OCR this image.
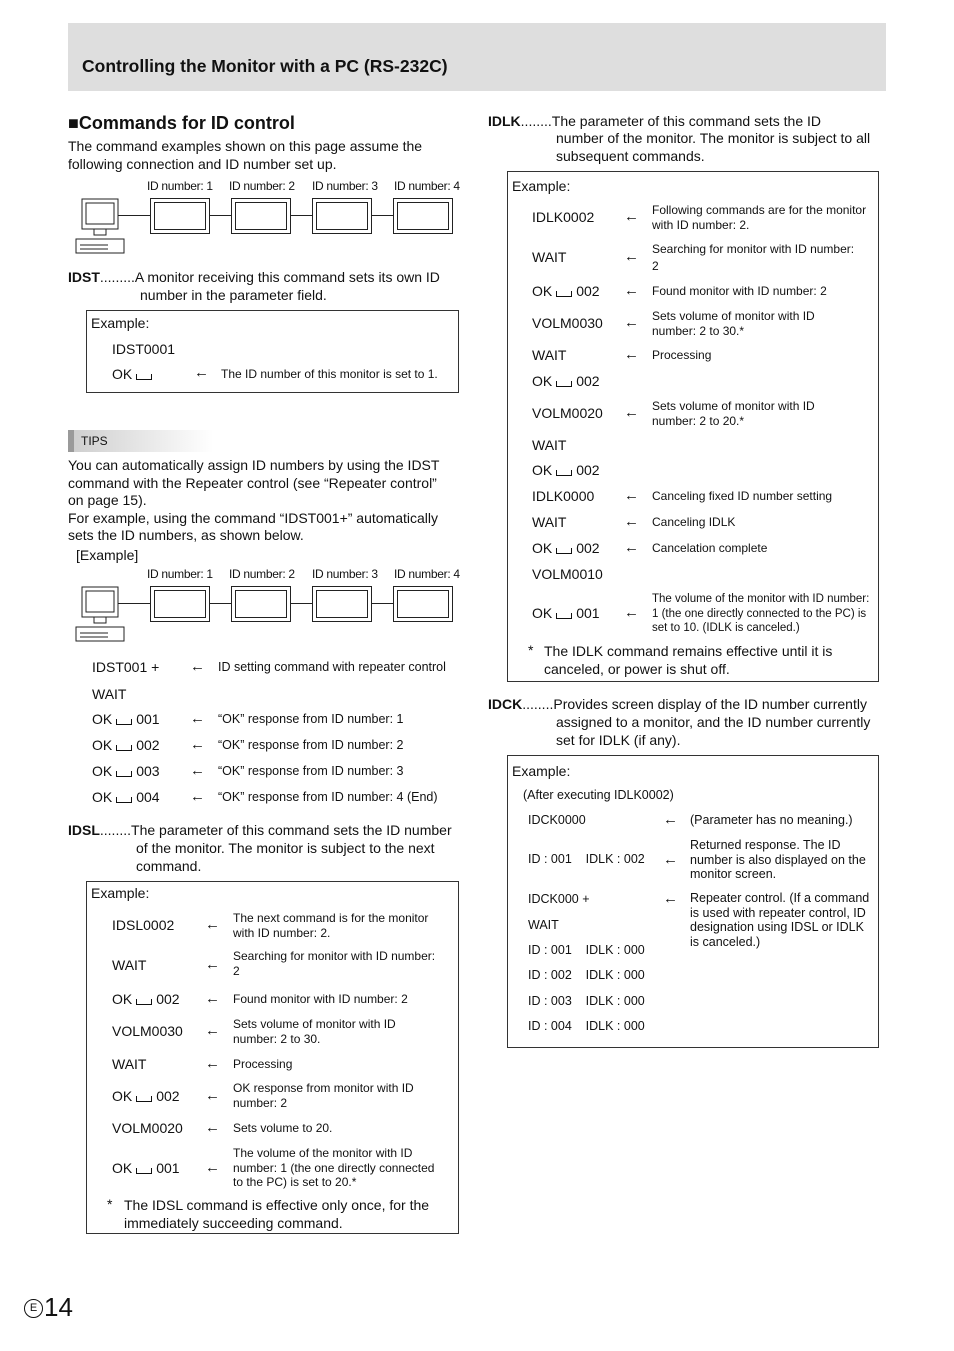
Controlling the Monitor with a PC (RS-232C)
■Commands for ID control
The command examples shown on this page assume the
following connection and ID number set up.
ID number: 1 ID number: 2 ID number: 3 ID number: 4
IDST.........A monitor receiving this command sets its own ID
number in the parameter field.
Example:
IDST0001
OK	← The ID number of this monitor is set to 1.
TIPS
You can automatically assign ID numbers by using the IDST
command with the Repeater control (see “Repeater control”
on page 15).
For example, using the command “IDST001+” automatically
sets the ID numbers, as shown below.
[Example]
ID number: 1 ID number: 2 ID number: 3 ID number: 4
IDST001 + ← ID setting command with repeater control
WAIT
OK 001 ← “OK” response from ID number: 1
OK 002 ← “OK” response from ID number: 2
OK 003 ← “OK” response from ID number: 3
OK 004 ← “OK” response from ID number: 4 (End)
IDSL........The parameter of this command sets the ID number
of the monitor. The monitor is subject to the next
command.
Example:
IDSL0002 ← The next command is for the monitor
with ID number: 2.
WAIT	← Searching for monitor with ID number:
2
OK 002 ← Found monitor with ID number: 2
VOLM0030 ← Sets volume of monitor with ID
number: 2 to 30.
WAIT	← Processing
OK 002 ← OK response from monitor with ID
number: 2
VOLM0020 ← Sets volume to 20.
OK 001 ←
The volume of the monitor with ID
number: 1 (the one directly connected
to the PC) is set to 20.*
* The IDSL command is effective only once, for the
immediately succeeding command.
IDLK........The parameter of this command sets the ID
number of the monitor. The monitor is subject to all
subsequent commands.
Example:
IDLK0002 ← Following commands are for the monitor
with ID number: 2.
WAIT	← Searching for monitor with ID number:
2
OK 002 ← Found monitor with ID number: 2
VOLM0030 ← Sets volume of monitor with ID
number: 2 to 30.*
WAIT	← Processing
OK 002
VOLM0020 ← Sets volume of monitor with ID
number: 2 to 20.*
WAIT
OK 002
IDLK0000 ← Canceling fixed ID number setting
WAIT	← Canceling IDLK
OK 002 ← Cancelation complete
VOLM0010
OK 001 ←
The volume of the monitor with ID number:
1 (the one directly connected to the PC) is
set to 10. (IDLK is canceled.)
* The IDLK command remains effective until it is
canceled, or power is shut off.
IDCK........Provides screen display of the ID number currently
assigned to a monitor, and the ID number currently
set for IDLK (if any).
Example:
(After executing IDLK0002)
IDCK0000	← (Parameter has no meaning.)
ID : 001    IDLK : 002 ←
Returned response. The ID
number is also displayed on the
monitor screen.
IDCK000 +	← Repeater control. (If a command
is used with repeater control, ID
designation using IDSL or IDLK
is canceled.)
WAIT
ID : 001    IDLK : 000
ID : 002    IDLK : 000
ID : 003    IDLK : 000
ID : 004    IDLK : 000
E 14
